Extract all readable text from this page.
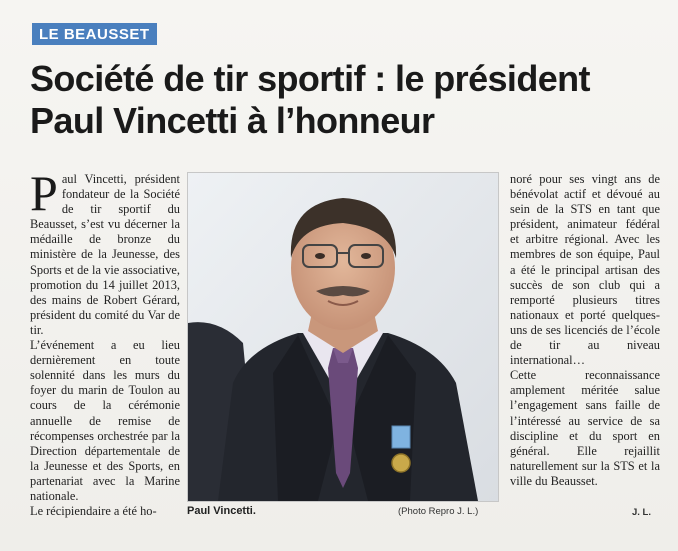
LE BEAUSSET
Société de tir sportif : le président
Paul Vincetti à l’honneur

Paul Vincetti, président fondateur de la Société de tir sportif du Beausset, s’est vu décerner la médaille de bronze du ministère de la Jeunesse, des Sports et de la vie associative, promotion du 14 juillet 2013, des mains de Robert Gérard, président du comité du Var de tir.

L’événement a eu lieu dernièrement en toute solennité dans les murs du foyer du marin de Toulon au cours de la cérémonie annuelle de remise de récompenses orchestrée par la Direction départementale de la Jeunesse et des Sports, en partenariat avec la Marine nationale.

Le récipiendaire a été ho-	Paul Vincetti.	(Photo Repro J. L.)

noré pour ses vingt ans de bénévolat actif et dévoué au sein de la STS en tant que président, animateur fédéral et arbitre régional. Avec les membres de son équipe, Paul a été le principal artisan des succès de son club qui a remporté plusieurs titres nationaux et porté quelques-uns de ses licenciés de l’école de tir au niveau international…

Cette reconnaissance amplement méritée salue l’engagement sans faille de l’intéressé au service de sa discipline et du sport en général. Elle rejaillit naturellement sur la STS et la ville du Beausset.

J. L.
